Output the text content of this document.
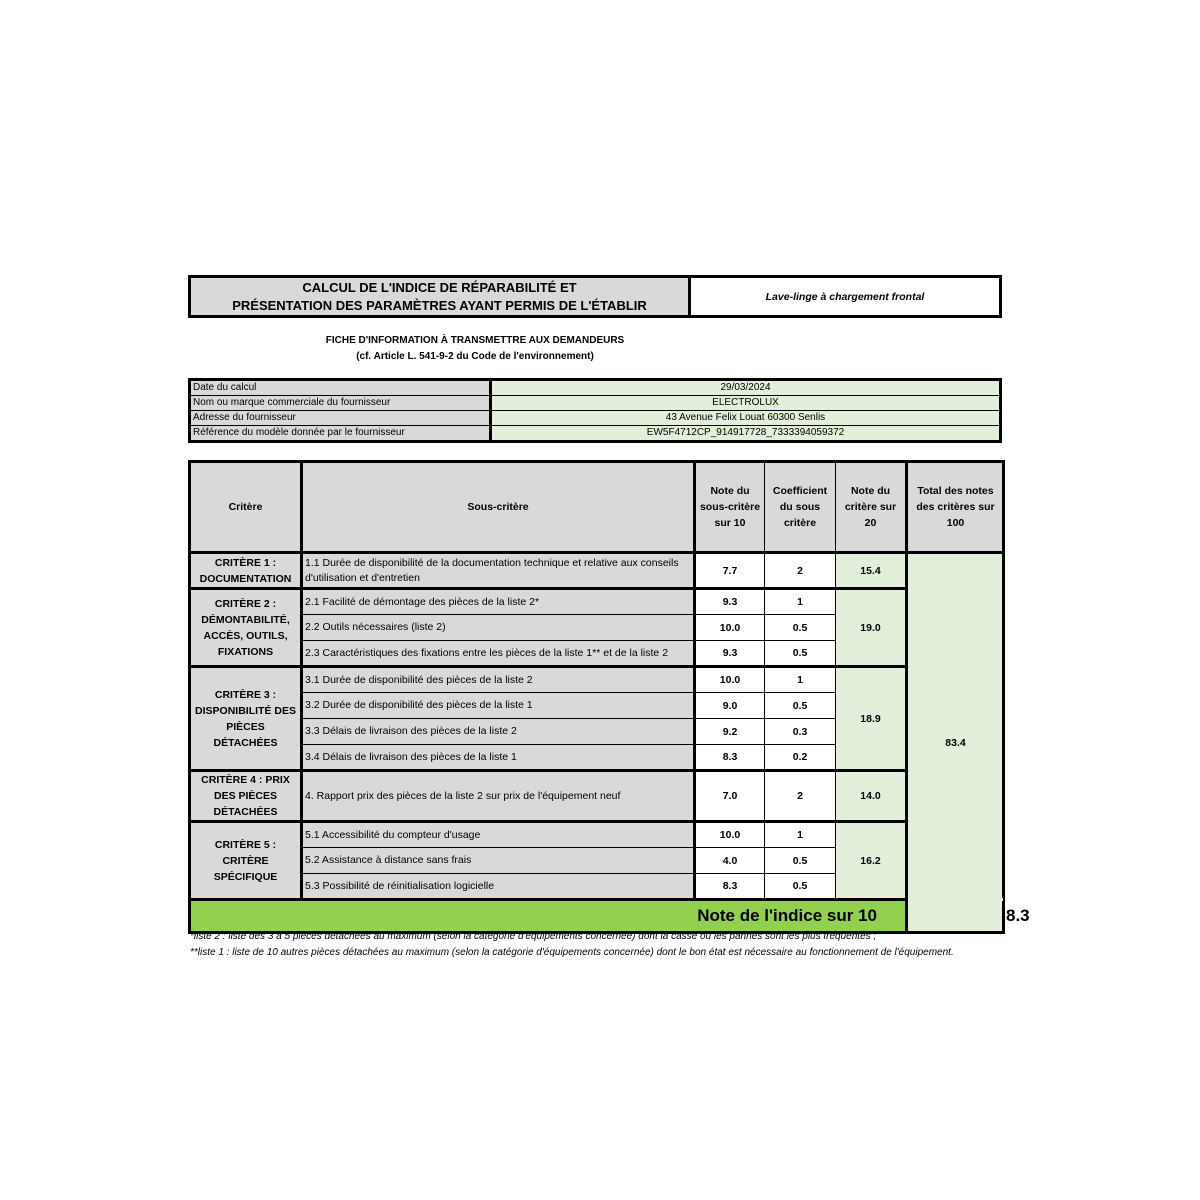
CALCUL DE L'INDICE DE RÉPARABILITÉ ET
PRÉSENTATION DES PARAMÈTRES AYANT PERMIS DE L'ÉTABLIR
Lave-linge à chargement frontal
FICHE D'INFORMATION À TRANSMETTRE AUX DEMANDEURS
(cf. Article L. 541-9-2 du Code de l'environnement)
Date du calcul	29/03/2024
Nom ou marque commerciale du fournisseur	ELECTROLUX
Adresse du fournisseur	43 Avenue Felix Louat 60300 Senlis
Référence du modèle donnée par le fournisseur	EW5F4712CP_914917728_7333394059372
Critère	Sous-critère	Note du sous-critère sur 10	Coefficient du sous critère	Note du critère sur 20	Total des notes des critères sur 100	
CRITÈRE 1 : DOCUMENTATION	1.1 Durée de disponibilité de la documentation technique et relative aux conseils d'utilisation et d'entretien	7.7	2	15.4	83.4	
CRITÈRE 2 : DÉMONTABILITÉ, ACCÈS, OUTILS, FIXATIONS	2.1 Facilité de démontage des pièces de la liste 2*	9.3	1	19.0		
	2.2 Outils nécessaires (liste 2)	10.0	0.5			
	2.3 Caractéristiques des fixations entre les pièces de la liste 1** et de la liste 2	9.3	0.5			
CRITÈRE 3 : DISPONIBILITÉ DES PIÈCES DÉTACHÉES	3.1 Durée de disponibilité des pièces de la liste 2	10.0	1	18.9		
	3.2 Durée de disponibilité des pièces de la liste 1	9.0	0.5			
	3.3 Délais de livraison des pièces de la liste 2	9.2	0.3			
	3.4 Délais de livraison des pièces de la liste 1	8.3	0.2			
CRITÈRE 4 : PRIX DES PIÈCES DÉTACHÉES	4. Rapport prix des pièces de la liste 2 sur prix de l'équipement neuf	7.0	2	14.0		
CRITÈRE 5 : CRITÈRE SPÉCIFIQUE	5.1 Accessibilité du compteur d'usage	10.0	1	16.2		
	5.2 Assistance à distance sans frais	4.0	0.5			
	5.3 Possibilité de réinitialisation logicielle	8.3	0.5			
Note de l'indice sur 10						8.3

*liste 2 : liste des 3 à 5 pièces détachées au maximum (selon la catégorie d'équipements concernée) dont la casse ou les pannes sont les plus fréquentes ;

**liste 1 : liste de 10 autres pièces détachées au maximum (selon la catégorie d'équipements concernée) dont le bon état est nécessaire au fonctionnement de l'équipement.
